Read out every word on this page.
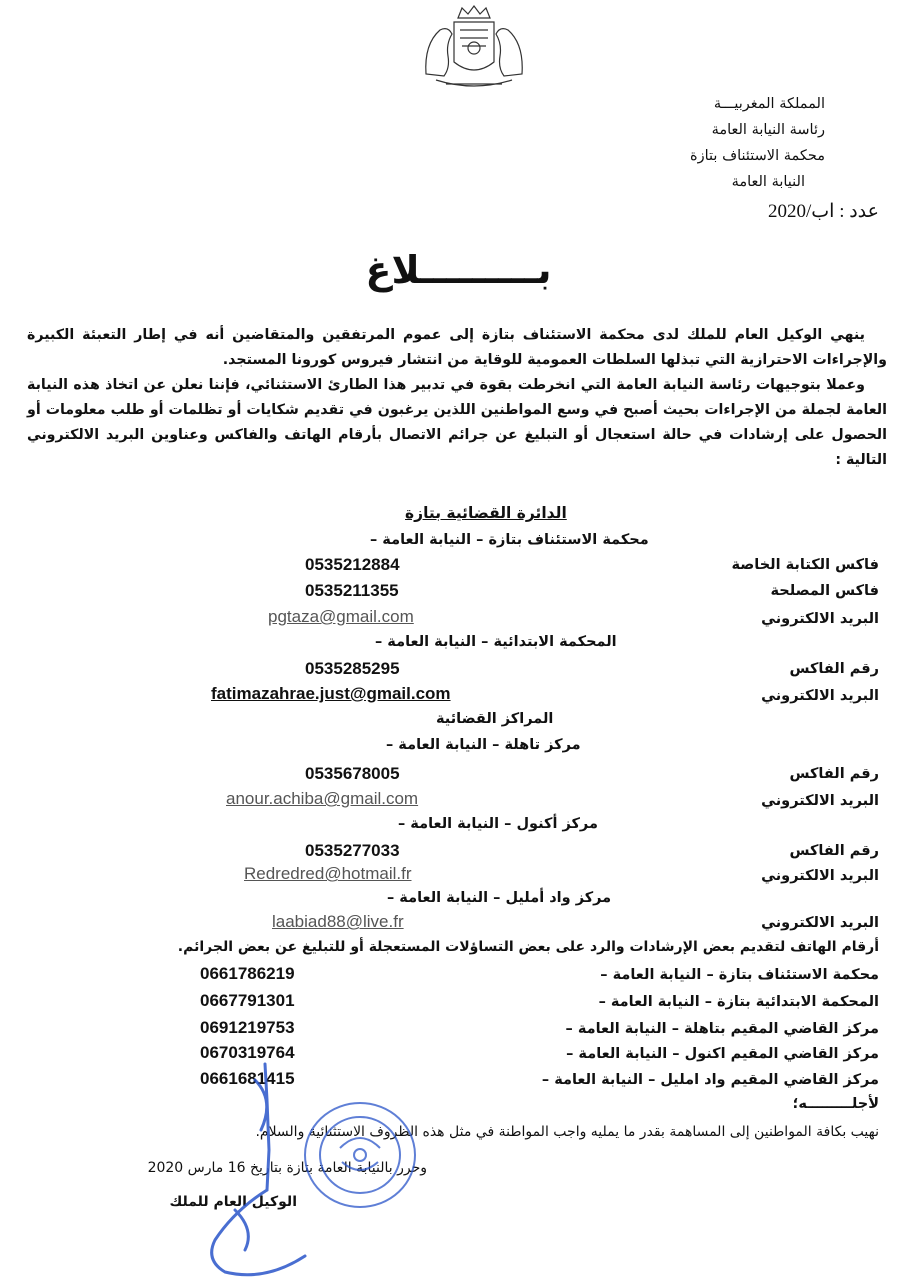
المملكة المغربيـــة
رئاسة النيابة العامة
محكمة الاستئناف بتازة
النيابة العامة
عدد : اب/2020
بـــــــــلاغ
ينهي الوكيل العام للملك لدى محكمة الاستئناف بتازة إلى عموم المرتفقين والمتقاضين أنه في إطار التعبئة الكبيرة والإجراءات الاحترازية التي تبذلها السلطات العمومية للوقاية من انتشار فيروس كورونا المستجد.
وعملا بتوجيهات رئاسة النيابة العامة التي انخرطت بقوة في تدبير هذا الطارئ الاستثنائي، فإننا نعلن عن اتخاذ هذه النيابة العامة لجملة من الإجراءات بحيث أصبح في وسع المواطنين اللذين يرغبون في تقديم شكايات أو تظلمات أو طلب معلومات أو الحصول على إرشادات في حالة استعجال أو التبليغ عن جرائم الاتصال بأرقام الهاتف والفاكس وعناوين البريد الالكتروني التالية :
الدائرة القضائية بتازة
محكمة الاستئناف بتازة – النيابة العامة –
فاكس الكتابة الخاصة
0535212884
فاكس المصلحة
0535211355
البريد الالكتروني
pgtaza@gmail.com
المحكمة الابتدائية – النيابة العامة –
رقم الفاكس
0535285295
البريد الالكتروني
fatimazahrae.just@gmail.com
المراكز القضائية
مركز تاهلة – النيابة العامة –
رقم الفاكس
0535678005
البريد الالكتروني
anour.achiba@gmail.com
مركز أكنول – النيابة العامة –
رقم الفاكس
0535277033
البريد الالكتروني
Redredred@hotmail.fr
مركز واد أمليل – النيابة العامة –
البريد الالكتروني
laabiad88@live.fr
أرقام الهاتف لتقديم بعض الإرشادات والرد على بعض التساؤلات المستعجلة أو للتبليغ عن بعض الجرائم.
محكمة الاستئناف بتازة – النيابة العامة –
0661786219
المحكمة الابتدائية بتازة – النيابة العامة –
0667791301
مركز القاضي المقيم بتاهلة – النيابة العامة –
0691219753
مركز القاضي المقيم اكنول – النيابة العامة –
0670319764
مركز القاضي المقيم واد امليل – النيابة العامة –
0661681415
لأجلـــــــــه؛
نهيب بكافة المواطنين إلى المساهمة بقدر ما يمليه واجب المواطنة في مثل هذه الظروف الاستثنائية والسلام.
وحرر بالنيابة العامة بتازة بتاريخ 16 مارس 2020
الوكيل العام للملك
